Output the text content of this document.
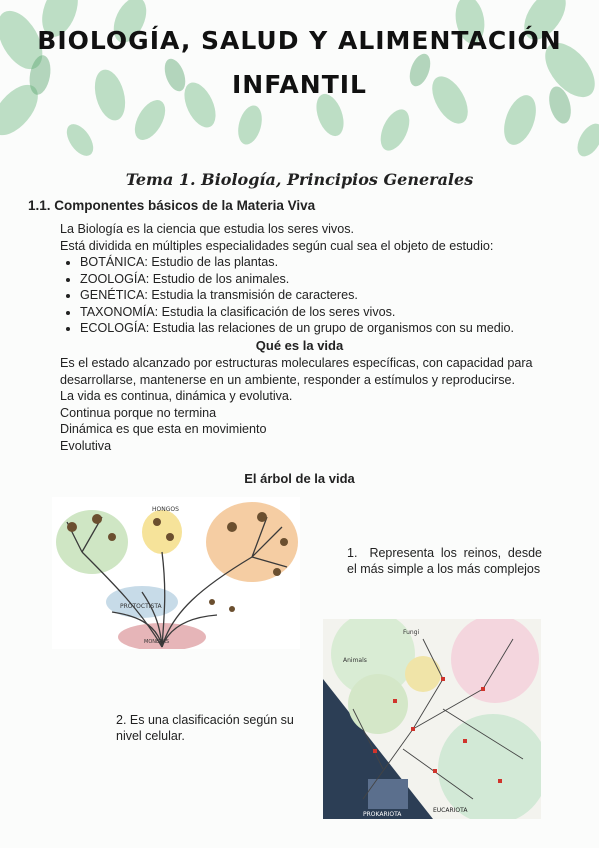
BIOLOGÍA, SALUD Y ALIMENTACIÓN
INFANTIL
Tema 1. Biología, Principios Generales
1.1. Componentes básicos de la Materia Viva
La Biología es la ciencia que estudia los seres vivos.
Está dividida en múltiples especialidades según cual sea el objeto de estudio:
• BOTÁNICA: Estudio de las plantas.
• ZOOLOGÍA: Estudio de los animales.
• GENÉTICA: Estudia la transmisión de caracteres.
• TAXONOMÍA: Estudia la clasificación de los seres vivos.
• ECOLOGÍA: Estudia las relaciones de un grupo de organismos con su medio.
Qué es la vida
Es el estado alcanzado por estructuras moleculares específicas, con capacidad para desarrollarse, mantenerse en un ambiente, responder a estímulos y reproducirse.
La vida es continua, dinámica y evolutiva.
Continua porque no termina
Dinámica es que esta en movimiento
Evolutiva
El árbol de la vida
HONGOS
PROTOCTISTA
MONERAS
1. Representa los reinos, desde el más simple a los más complejos
Animals
Fungi
EUCARIOTA
PROKARIOTA
2. Es una clasificación según su nivel celular.
